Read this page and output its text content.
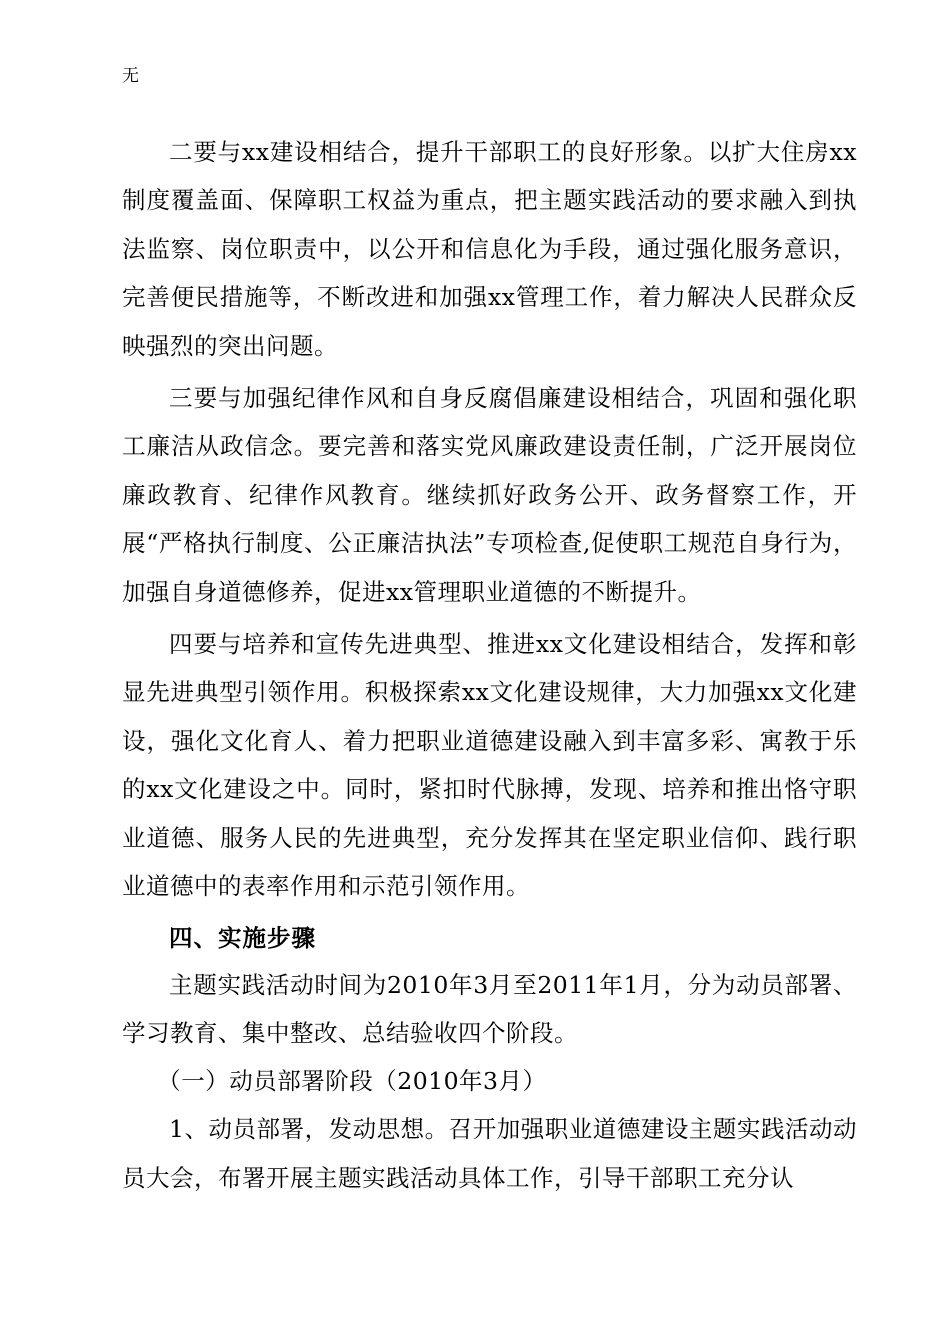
无

二要与xx建设相结合，提升干部职工的良好形象。以扩大住房xx制度覆盖面、保障职工权益为重点，把主题实践活动的要求融入到执法监察、岗位职责中，以公开和信息化为手段，通过强化服务意识，完善便民措施等，不断改进和加强xx管理工作，着力解决人民群众反映强烈的突出问题。

三要与加强纪律作风和自身反腐倡廉建设相结合，巩固和强化职工廉洁从政信念。要完善和落实党风廉政建设责任制，广泛开展岗位廉政教育、纪律作风教育。继续抓好政务公开、政务督察工作，开展“严格执行制度、公正廉洁执法”专项检查,促使职工规范自身行为，加强自身道德修养，促进xx管理职业道德的不断提升。

四要与培养和宣传先进典型、推进xx文化建设相结合，发挥和彰显先进典型引领作用。积极探索xx文化建设规律，大力加强xx文化建设，强化文化育人、着力把职业道德建设融入到丰富多彩、寓教于乐的xx文化建设之中。同时，紧扣时代脉搏，发现、培养和推出恪守职业道德、服务人民的先进典型，充分发挥其在坚定职业信仰、践行职业道德中的表率作用和示范引领作用。

四、实施步骤

主题实践活动时间为2010年3月至2011年1月，分为动员部署、学习教育、集中整改、总结验收四个阶段。

（一）动员部署阶段（2010年3月）

1、动员部署，发动思想。召开加强职业道德建设主题实践活动动员大会，布署开展主题实践活动具体工作，引导干部职工充分认
